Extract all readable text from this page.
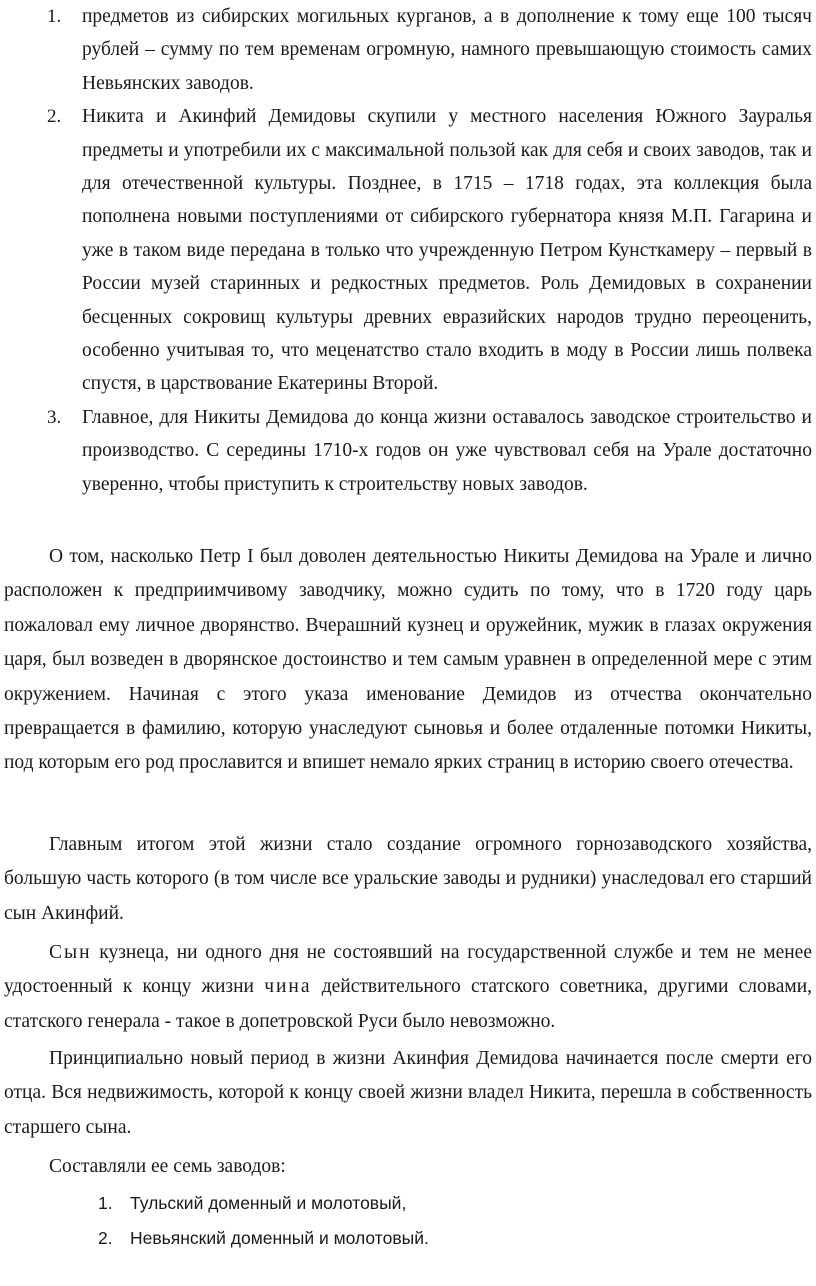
1. предметов из сибирских могильных курганов, а в дополнение к тому еще 100 тысяч рублей – сумму по тем временам огромную, намного превышающую стоимость самих Невьянских заводов.
2. Никита и Акинфий Демидовы скупили у местного населения Южного Зауралья предметы и употребили их с максимальной пользой как для себя и своих заводов, так и для отечественной культуры. Позднее, в 1715 – 1718 годах, эта коллекция была пополнена новыми поступлениями от сибирского губернатора князя М.П. Гагарина и уже в таком виде передана в только что учрежденную Петром Кунсткамеру – первый в России музей старинных и редкостных предметов. Роль Демидовых в сохранении бесценных сокровищ культуры древних евразийских народов трудно переоценить, особенно учитывая то, что меценатство стало входить в моду в России лишь полвека спустя, в царствование Екатерины Второй.
3. Главное, для Никиты Демидова до конца жизни оставалось заводское строительство и производство. С середины 1710-х годов он уже чувствовал себя на Урале достаточно уверенно, чтобы приступить к строительству новых заводов.

О том, насколько Петр I был доволен деятельностью Никиты Демидова на Урале и лично расположен к предприимчивому заводчику, можно судить по тому, что в 1720 году царь пожаловал ему личное дворянство. Вчерашний кузнец и оружейник, мужик в глазах окружения царя, был возведен в дворянское достоинство и тем самым уравнен в определенной мере с этим окружением. Начиная с этого указа именование Демидов из отчества окончательно превращается в фамилию, которую унаследуют сыновья и более отдаленные потомки Никиты, под которым его род прославится и впишет немало ярких страниц в историю своего отечества.

Главным итогом этой жизни стало создание огромного горнозаводского хозяйства, большую часть которого (в том числе все уральские заводы и рудники) унаследовал его старший сын Акинфий.

Сын кузнеца, ни одного дня не состоявший на государственной службе и тем не менее удостоенный к концу жизни чина действительного статского советника, другими словами, статского генерала - такое в допетровской Руси было невозможно.

Принципиально новый период в жизни Акинфия Демидова начинается после смерти его отца. Вся недвижимость, которой к концу своей жизни владел Никита, перешла в собственность старшего сына.

Составляли ее семь заводов:

1. Тульский доменный и молотовый,
2. Невьянский доменный и молотовый.
